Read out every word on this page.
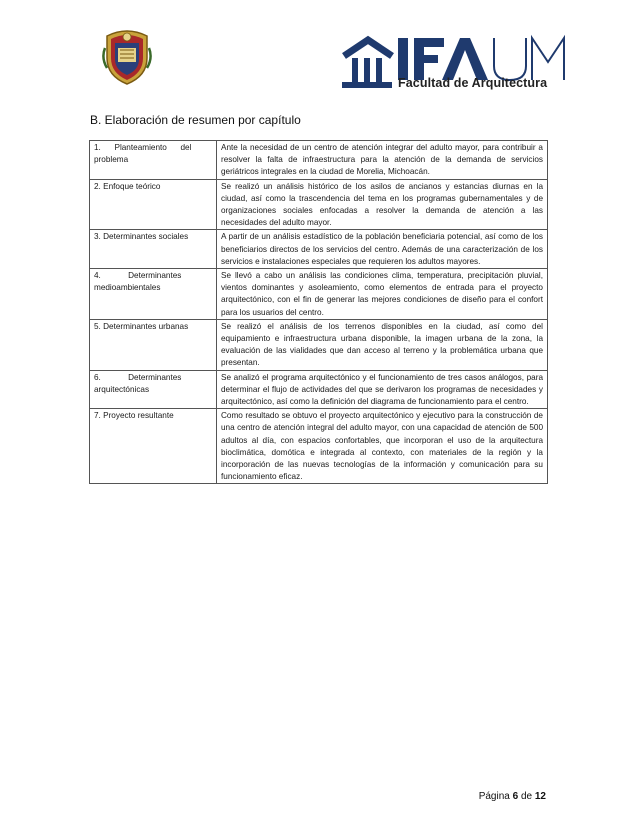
Facultad de Arquitectura
B. Elaboración de resumen por capítulo
1.      Planteamiento      del
problema	Ante la necesidad de un centro de atención integrar del adulto mayor, para contribuir a resolver la falta de infraestructura para la atención de la demanda de servicios geriátricos integrales en la ciudad de Morelia, Michoacán.
2. Enfoque teórico	Se realizó un análisis histórico de los asilos de ancianos y estancias diurnas en la ciudad, así como la trascendencia del tema en los programas gubernamentales y de organizaciones sociales enfocadas a resolver la demanda de atención a las necesidades del adulto mayor.
3. Determinantes sociales	A partir de un análisis estadístico de la población beneficiaria potencial, así como de los beneficiarios directos de los servicios del centro. Además de una caracterización de los servicios e instalaciones especiales que requieren los adultos mayores.

4.            Determinantes
medioambientales	Se llevó a cabo un análisis las condiciones clima, temperatura, precipitación pluvial, vientos dominantes y asoleamiento, como elementos de entrada para el proyecto arquitectónico, con el fin de generar las mejores condiciones de diseño para el confort para los usuarios del centro.
5. Determinantes urbanas	Se realizó el análisis de los terrenos disponibles en la ciudad, así como del equipamiento e infraestructura urbana disponible, la imagen urbana de la zona, la evaluación de las vialidades que dan acceso al terreno y la problemática urbana que presentan.

6.            Determinantes
arquitectónicas	Se analizó el programa arquitectónico y el funcionamiento de tres casos análogos, para determinar el flujo de actividades del que se derivaron los programas de necesidades y arquitectónico, así como la definición del diagrama de funcionamiento para el centro.
7. Proyecto resultante	Como resultado se obtuvo el proyecto arquitectónico y ejecutivo para la construcción de una centro de atención integral del adulto mayor, con una capacidad de atención de 500 adultos al día, con espacios confortables, que incorporan el uso de la arquitectura bioclimática, domótica e integrada al contexto, con materiales de la región y la incorporación de las nuevas tecnologías de la información y comunicación para su funcionamiento eficaz.
Página 6 de 12
